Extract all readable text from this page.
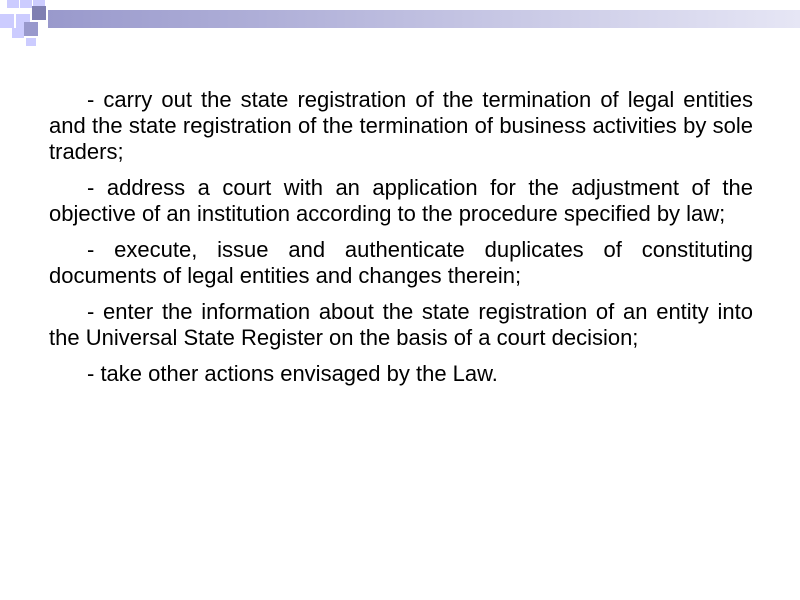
- carry out the state registration of the termination of legal entities and the state registration of the termination of business activities by sole traders;

- address a court with an application for the adjustment of the objective of an institution according to the procedure specified by law;

- execute, issue and authenticate duplicates of constituting documents of legal entities and changes therein;

- enter the information about the state registration of an entity into the Universal State Register on the basis of a court decision;

- take other actions envisaged by the Law.
